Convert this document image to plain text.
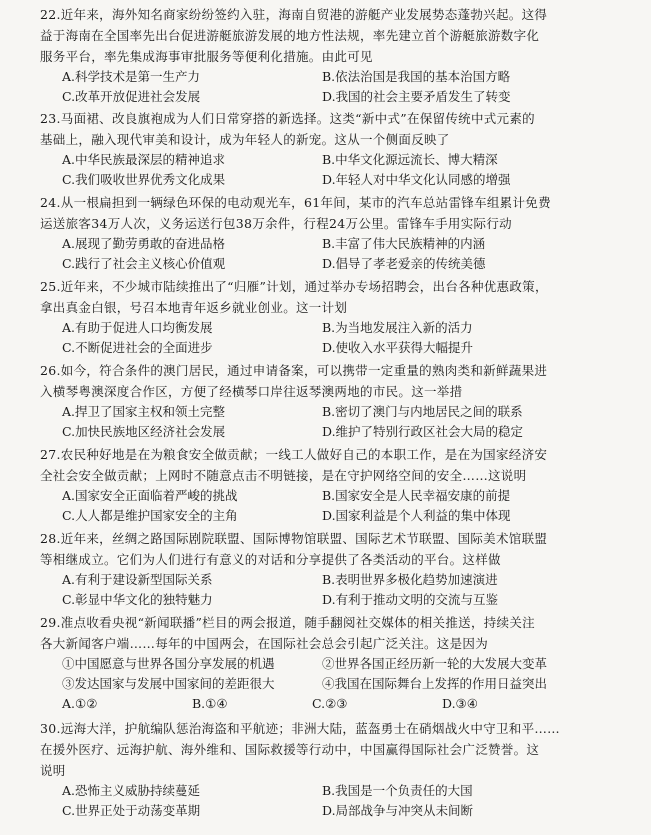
22.近年来，海外知名商家纷纷签约入驻，海南自贸港的游艇产业发展势态蓬勃兴起。这得
益于海南在全国率先出台促进游艇旅游发展的地方性法规，率先建立首个游艇旅游数字化
服务平台，率先集成海事审批服务等便利化措施。由此可见

A.科学技术是第一生产力	B.依法治国是我国的基本治国方略
C.改革开放促进社会发展	D.我国的社会主要矛盾发生了转变

23.马面裙、改良旗袍成为人们日常穿搭的新选择。这类“新中式”在保留传统中式元素的
基础上，融入现代审美和设计，成为年轻人的新宠。这从一个侧面反映了

A.中华民族最深层的精神追求	B.中华文化源远流长、博大精深
C.我们吸收世界优秀文化成果	D.年轻人对中华文化认同感的增强

24.从一根扁担到一辆绿色环保的电动观光车，61年间，某市的汽车总站雷锋车组累计免费
运送旅客34万人次，义务运送行包38万余件，行程24万公里。雷锋车手用实际行动

A.展现了勤劳勇敢的奋进品格	B.丰富了伟大民族精神的内涵
C.践行了社会主义核心价值观	D.倡导了孝老爱亲的传统美德

25.近年来，不少城市陆续推出了“归雁”计划，通过举办专场招聘会，出台各种优惠政策，
拿出真金白银，号召本地青年返乡就业创业。这一计划

A.有助于促进人口均衡发展	B.为当地发展注入新的活力
C.不断促进社会的全面进步	D.使收入水平获得大幅提升

26.如今，符合条件的澳门居民，通过申请备案，可以携带一定重量的熟肉类和新鲜蔬果进
入横琴粤澳深度合作区，方便了经横琴口岸往返琴澳两地的市民。这一举措

A.捍卫了国家主权和领土完整	B.密切了澳门与内地居民之间的联系
C.加快民族地区经济社会发展	D.维护了特别行政区社会大局的稳定

27.农民种好地是在为粮食安全做贡献；一线工人做好自己的本职工作，是在为国家经济安
全社会安全做贡献；上网时不随意点击不明链接，是在守护网络空间的安全……这说明

A.国家安全正面临着严峻的挑战	B.国家安全是人民幸福安康的前提
C.人人都是维护国家安全的主角	D.国家利益是个人利益的集中体现

28.近年来，丝绸之路国际剧院联盟、国际博物馆联盟、国际艺术节联盟、国际美术馆联盟
等相继成立。它们为人们进行有意义的对话和分享提供了各类活动的平台。这样做

A.有利于建设新型国际关系	B.表明世界多极化趋势加速演进
C.彰显中华文化的独特魅力	D.有利于推动文明的交流与互鉴

29.准点收看央视“新闻联播”栏目的两会报道，随手翻阅社交媒体的相关推送，持续关注
各大新闻客户端……每年的中国两会，在国际社会总会引起广泛关注。这是因为

①中国愿意与世界各国分享发展的机遇	②世界各国正经历新一轮的大发展大变革
③发达国家与发展中国家间的差距很大	④我国在国际舞台上发挥的作用日益突出
A.①②	B.①④	C.②③	D.③④

30.远海大洋，护航编队惩治海盗和平航迹；非洲大陆，蓝盔勇士在硝烟战火中守卫和平……
在援外医疗、远海护航、海外维和、国际救援等行动中，中国赢得国际社会广泛赞誉。这
说明

A.恐怖主义威胁持续蔓延	B.我国是一个负责任的大国
C.世界正处于动荡变革期	D.局部战争与冲突从未间断
